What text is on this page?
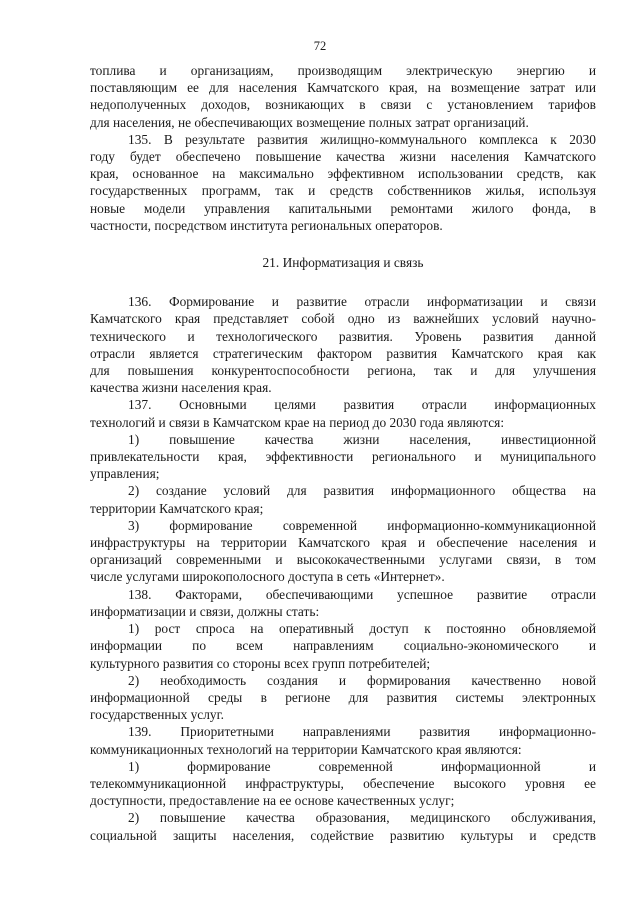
72
топлива и организациям, производящим электрическую энергию и
поставляющим ее для населения Камчатского края, на возмещение затрат или
недополученных доходов, возникающих в связи с установлением тарифов
для населения, не обеспечивающих возмещение полных затрат организаций.
135. В результате развития жилищно-коммунального комплекса к 2030
году будет обеспечено повышение качества жизни населения Камчатского
края, основанное на максимально эффективном использовании средств, как
государственных программ, так и средств собственников жилья, используя
новые модели управления капитальными ремонтами жилого фонда, в
частности, посредством института региональных операторов.
21. Информатизация и связь
136. Формирование и развитие отрасли информатизации и связи
Камчатского края представляет собой одно из важнейших условий научно-
технического и технологического развития. Уровень развития данной
отрасли является стратегическим фактором развития Камчатского края как
для повышения конкурентоспособности региона, так и для улучшения
качества жизни населения края.
137. Основными целями развития отрасли информационных
технологий и связи в Камчатском крае на период до 2030 года являются:
1) повышение качества жизни населения, инвестиционной
привлекательности края, эффективности регионального и муниципального
управления;
2) создание условий для развития информационного общества на
территории Камчатского края;
3) формирование современной информационно-коммуникационной
инфраструктуры на территории Камчатского края и обеспечение населения и
организаций современными и высококачественными услугами связи, в том
числе услугами широкополосного доступа в сеть «Интернет».
138. Факторами, обеспечивающими успешное развитие отрасли
информатизации и связи, должны стать:
1) рост спроса на оперативный доступ к постоянно обновляемой
информации по всем направлениям социально-экономического и
культурного развития со стороны всех групп потребителей;
2) необходимость создания и формирования качественно новой
информационной среды в регионе для развития системы электронных
государственных услуг.
139. Приоритетными направлениями развития информационно-
коммуникационных технологий на территории Камчатского края являются:
1) формирование современной информационной и
телекоммуникационной инфраструктуры, обеспечение высокого уровня ее
доступности, предоставление на ее основе качественных услуг;
2) повышение качества образования, медицинского обслуживания,
социальной защиты населения, содействие развитию культуры и средств
